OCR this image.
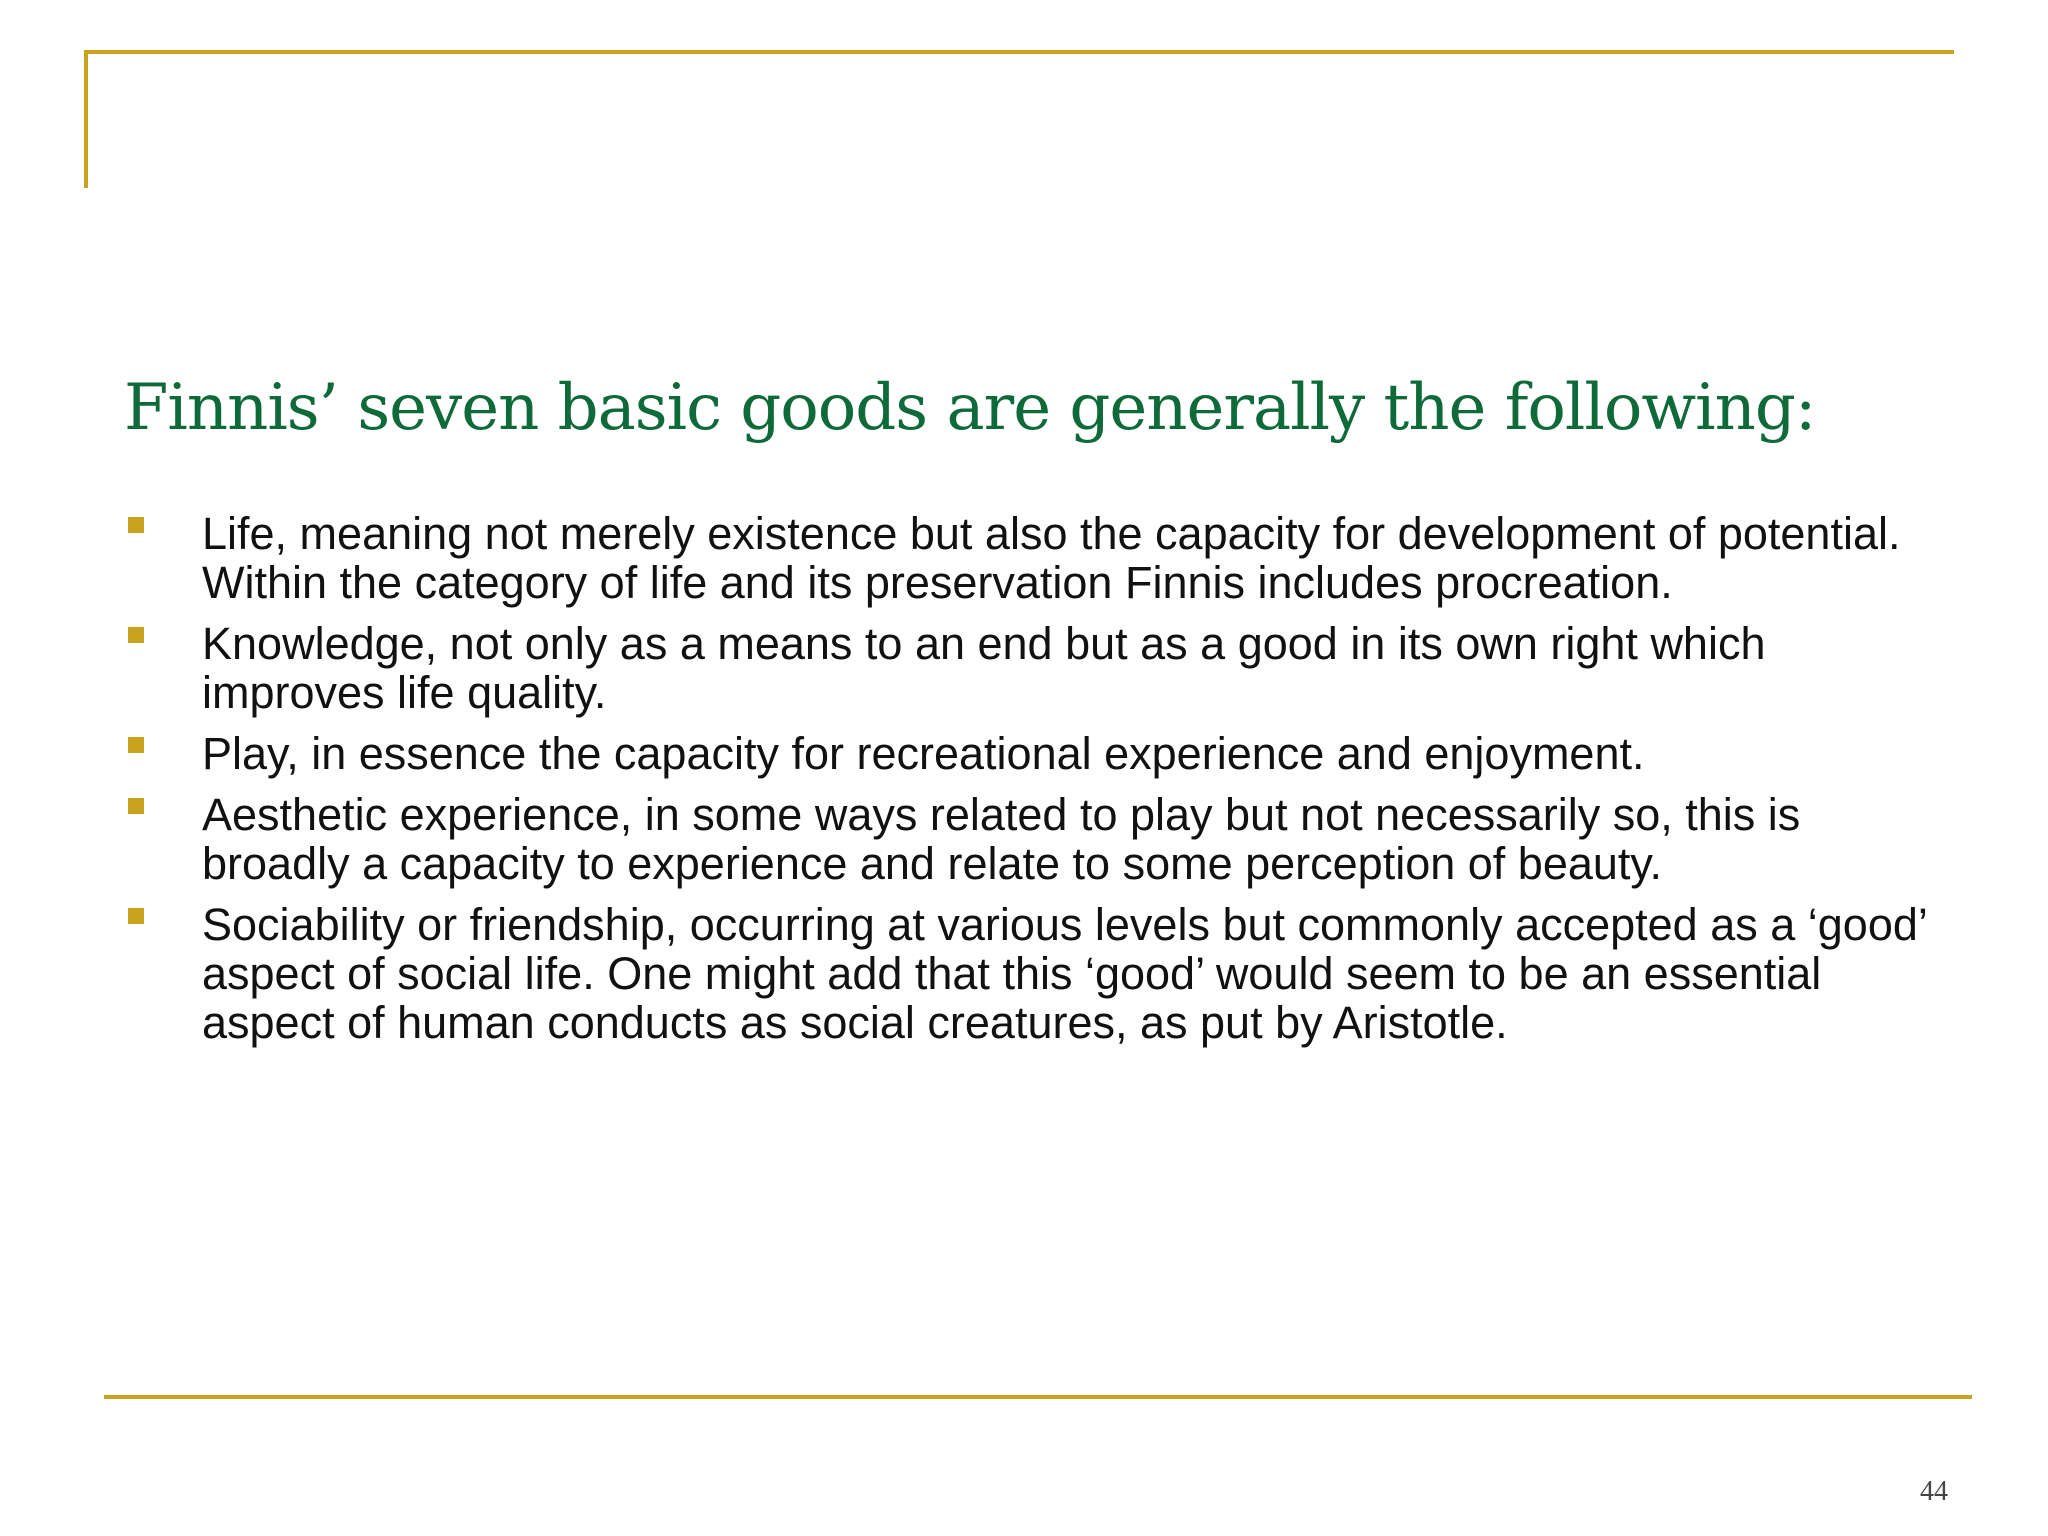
Finnis’ seven basic goods are generally the following:
Life, meaning not merely existence but also the capacity for development of potential. Within the category of life and its preservation Finnis includes procreation.
Knowledge, not only as a means to an end but as a good in its own right which improves life quality.
Play, in essence the capacity for recreational experience and enjoyment.
Aesthetic experience, in some ways related to play but not necessarily so, this is broadly a capacity to experience and relate to some perception of beauty.
Sociability or friendship, occurring at various levels but commonly accepted as a ‘good’ aspect of social life. One might add that this ‘good’ would seem to be an essential aspect of human conducts as social creatures, as put by Aristotle.
44
